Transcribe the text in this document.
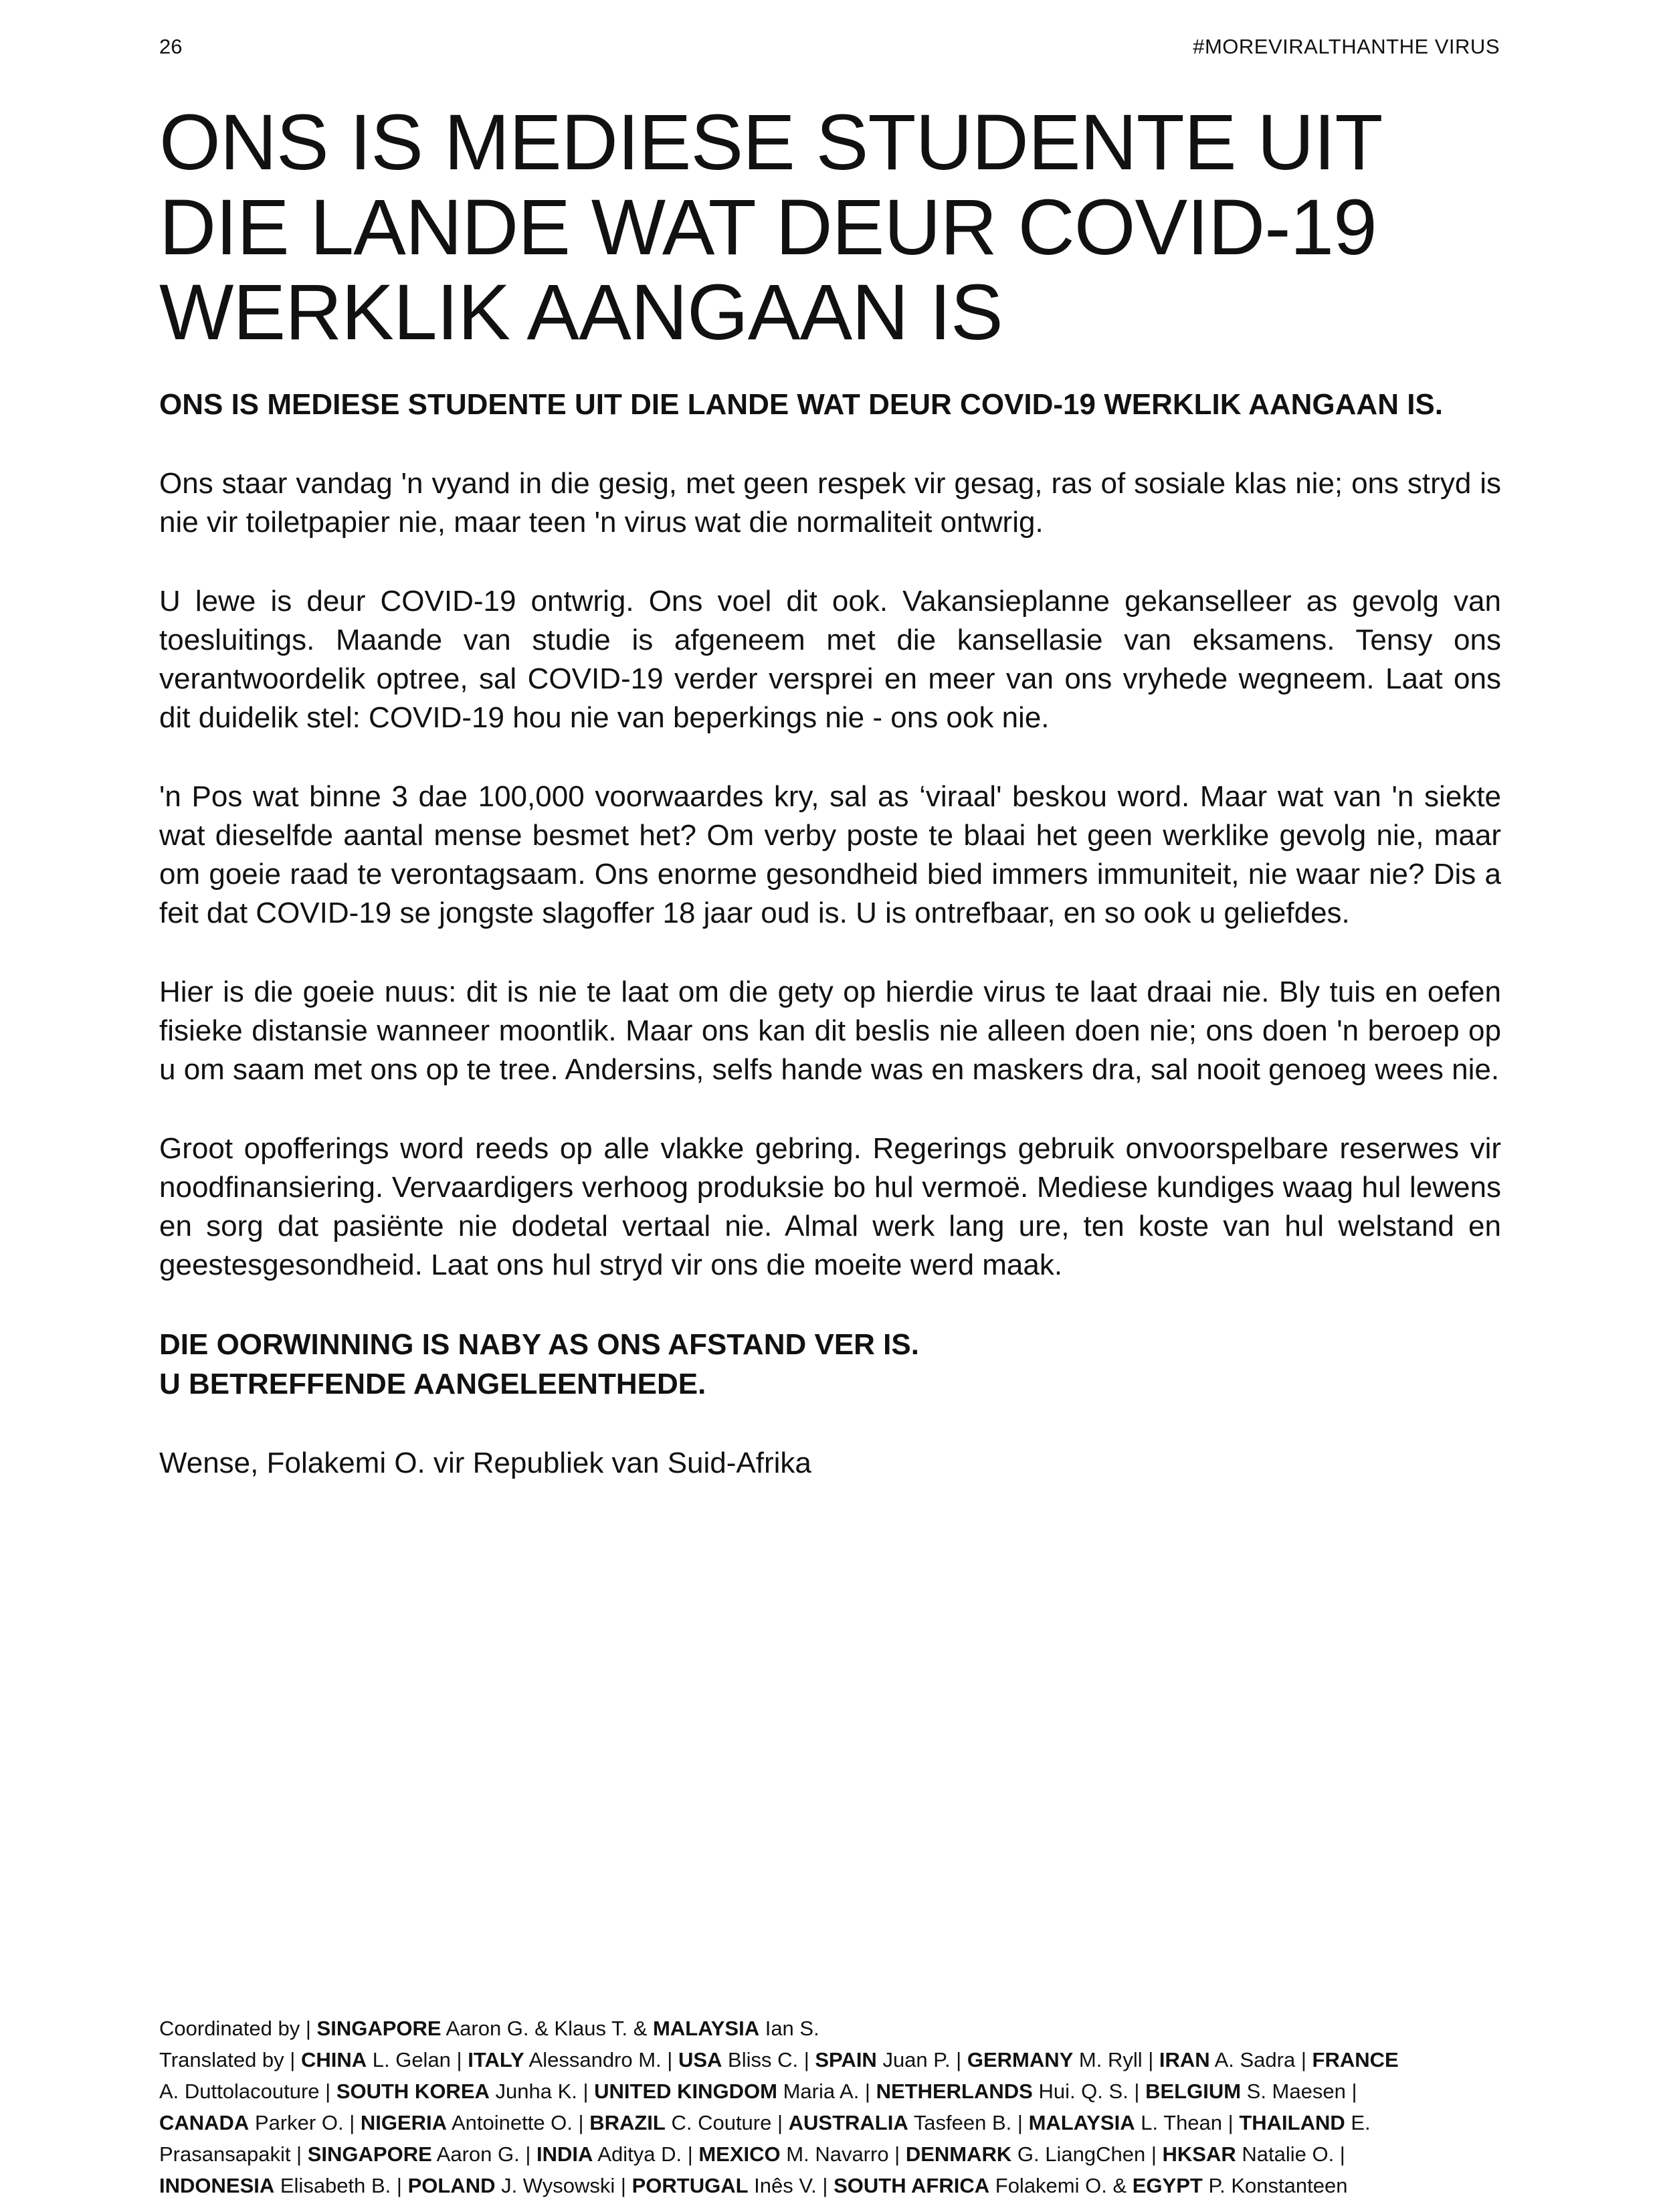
26	#MOREVIRALTHANTHE VIRUS
ONS IS MEDIESE STUDENTE UIT
DIE LANDE WAT DEUR COVID-19
WERKLIK AANGAAN IS

ONS IS MEDIESE STUDENTE UIT DIE LANDE WAT DEUR COVID-19 WERKLIK AANGAAN IS.

Ons staar vandag 'n vyand in die gesig, met geen respek vir gesag, ras of sosiale klas nie; ons stryd is nie vir toiletpapier nie, maar teen 'n virus wat die normaliteit ontwrig.

U lewe is deur COVID-19 ontwrig. Ons voel dit ook. Vakansieplanne gekanselleer as gevolg van toesluitings. Maande van studie is afgeneem met die kansellasie van eksamens. Tensy ons verantwoordelik optree, sal COVID-19 verder versprei en meer van ons vryhede wegneem. Laat ons dit duidelik stel: COVID-19 hou nie van beperkings nie - ons ook nie.

'n Pos wat binne 3 dae 100,000 voorwaardes kry, sal as ‘viraal' beskou word. Maar wat van 'n siekte wat dieselfde aantal mense besmet het? Om verby poste te blaai het geen werklike gevolg nie, maar om goeie raad te verontagsaam. Ons enorme gesondheid bied immers immuniteit, nie waar nie? Dis a feit dat COVID-19 se jongste slagoffer 18 jaar oud is. U is ontrefbaar, en so ook u geliefdes.

Hier is die goeie nuus: dit is nie te laat om die gety op hierdie virus te laat draai nie. Bly tuis en oefen fisieke distansie wanneer moontlik. Maar ons kan dit beslis nie alleen doen nie; ons doen 'n beroep op u om saam met ons op te tree. Andersins, selfs hande was en maskers dra, sal nooit genoeg wees nie.

Groot opofferings word reeds op alle vlakke gebring. Regerings gebruik onvoorspelbare reserwes vir noodfinansiering. Vervaardigers verhoog produksie bo hul vermoë. Mediese kundiges waag hul lewens en sorg dat pasiënte nie dodetal vertaal nie. Almal werk lang ure, ten koste van hul welstand en geestesgesondheid. Laat ons hul stryd vir ons die moeite werd maak.

DIE OORWINNING IS NABY AS ONS AFSTAND VER IS.
U BETREFFENDE AANGELEENTHEDE.

Wense, Folakemi O. vir Republiek van Suid-Afrika

Coordinated by | SINGAPORE Aaron G. & Klaus T. & MALAYSIA Ian S.
Translated by | CHINA L. Gelan | ITALY Alessandro M. | USA Bliss C. | SPAIN Juan P. | GERMANY M. Ryll | IRAN A. Sadra | FRANCE
A. Duttolacouture | SOUTH KOREA Junha K. | UNITED KINGDOM Maria A. | NETHERLANDS Hui. Q. S. | BELGIUM S. Maesen |
CANADA Parker O. | NIGERIA Antoinette O. | BRAZIL C. Couture | AUSTRALIA Tasfeen B. | MALAYSIA L. Thean | THAILAND E.
Prasansapakit | SINGAPORE Aaron G. | INDIA Aditya D. | MEXICO M. Navarro | DENMARK G. LiangChen | HKSAR Natalie O. |
INDONESIA Elisabeth B. | POLAND J. Wysowski | PORTUGAL Inês V. | SOUTH AFRICA Folakemi O. & EGYPT P. Konstanteen
